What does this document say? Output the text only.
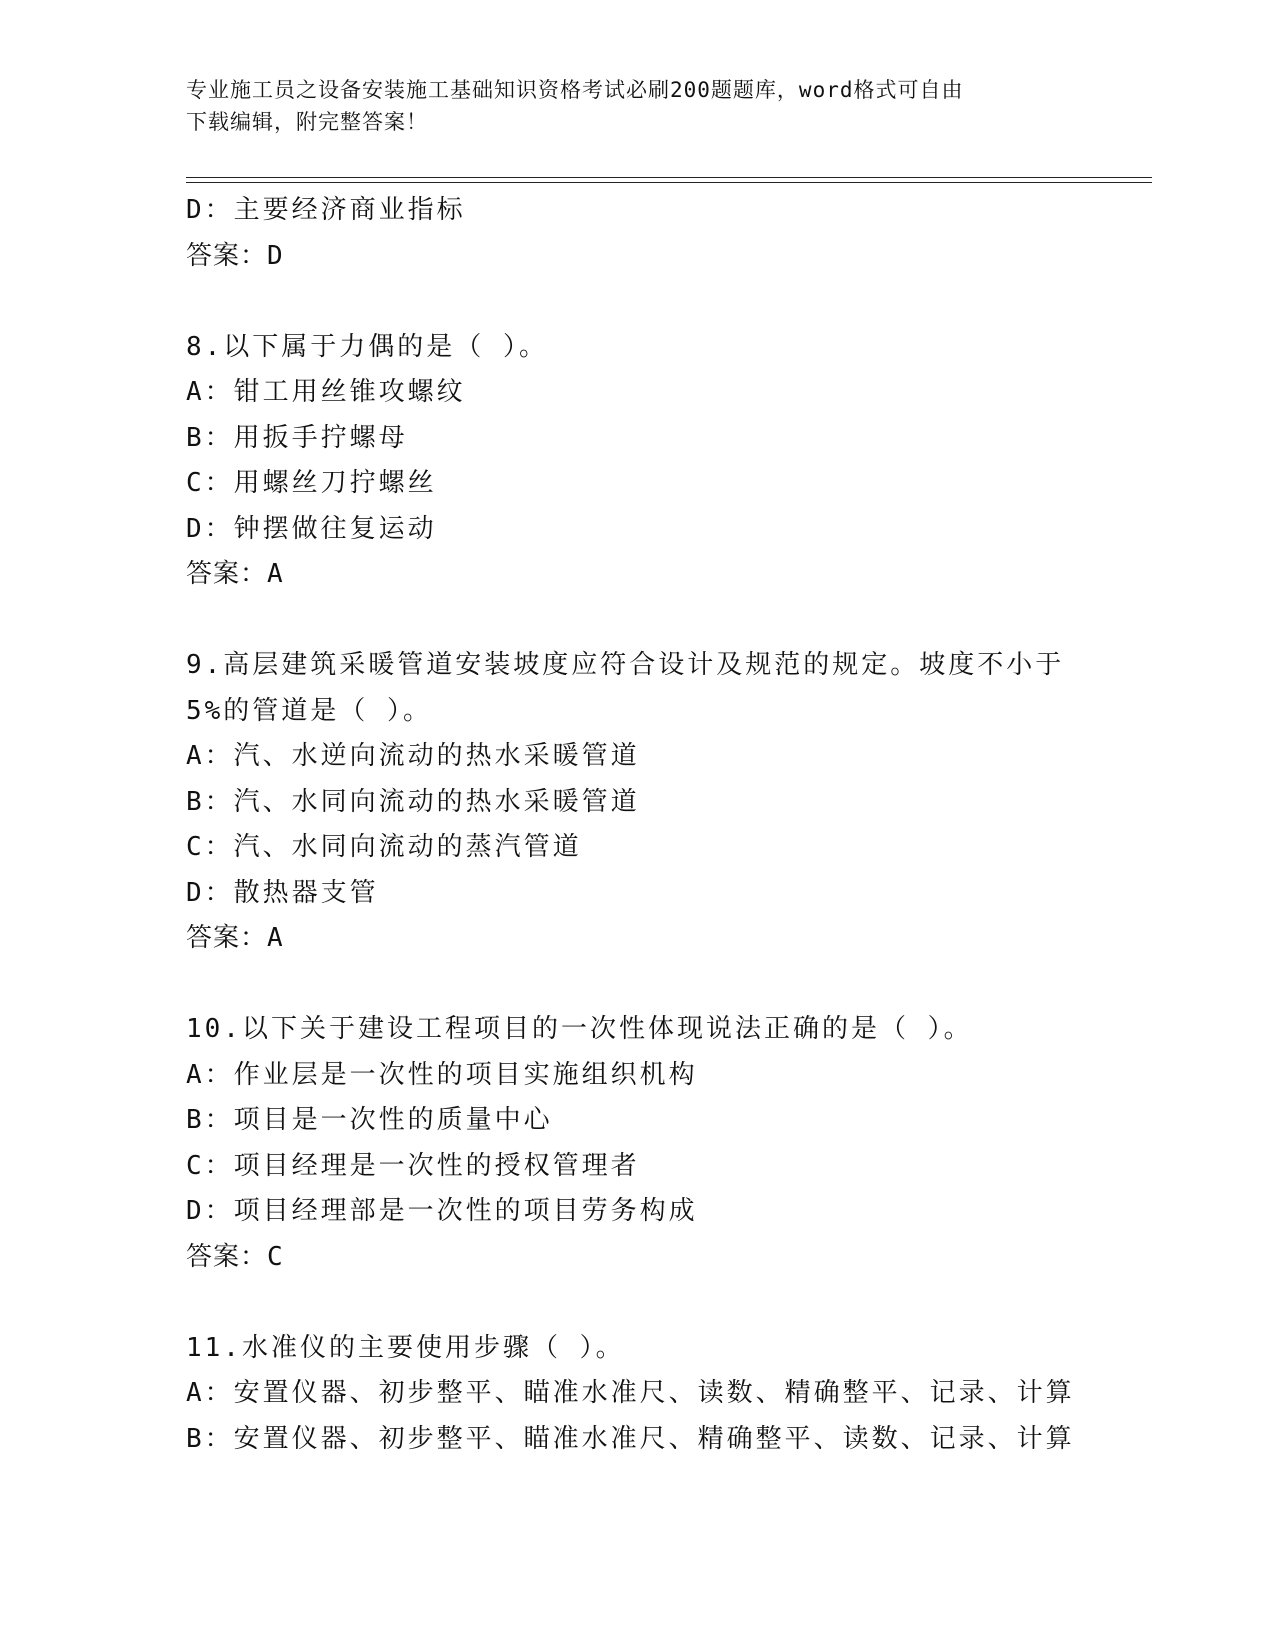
专业施工员之设备安装施工基础知识资格考试必刷200题题库，word格式可自由
下载编辑，附完整答案！
D：主要经济商业指标
答案：D
8.以下属于力偶的是（ ）。
A：钳工用丝锥攻螺纹
B：用扳手拧螺母
C：用螺丝刀拧螺丝
D：钟摆做往复运动
答案：A
9.高层建筑采暖管道安装坡度应符合设计及规范的规定。坡度不小于
5%的管道是（ ）。
A：汽、水逆向流动的热水采暖管道
B：汽、水同向流动的热水采暖管道
C：汽、水同向流动的蒸汽管道
D：散热器支管
答案：A
10.以下关于建设工程项目的一次性体现说法正确的是（ ）。
A：作业层是一次性的项目实施组织机构
B：项目是一次性的质量中心
C：项目经理是一次性的授权管理者
D：项目经理部是一次性的项目劳务构成
答案：C
11.水准仪的主要使用步骤（ ）。
A：安置仪器、初步整平、瞄准水准尺、读数、精确整平、记录、计算
B：安置仪器、初步整平、瞄准水准尺、精确整平、读数、记录、计算
